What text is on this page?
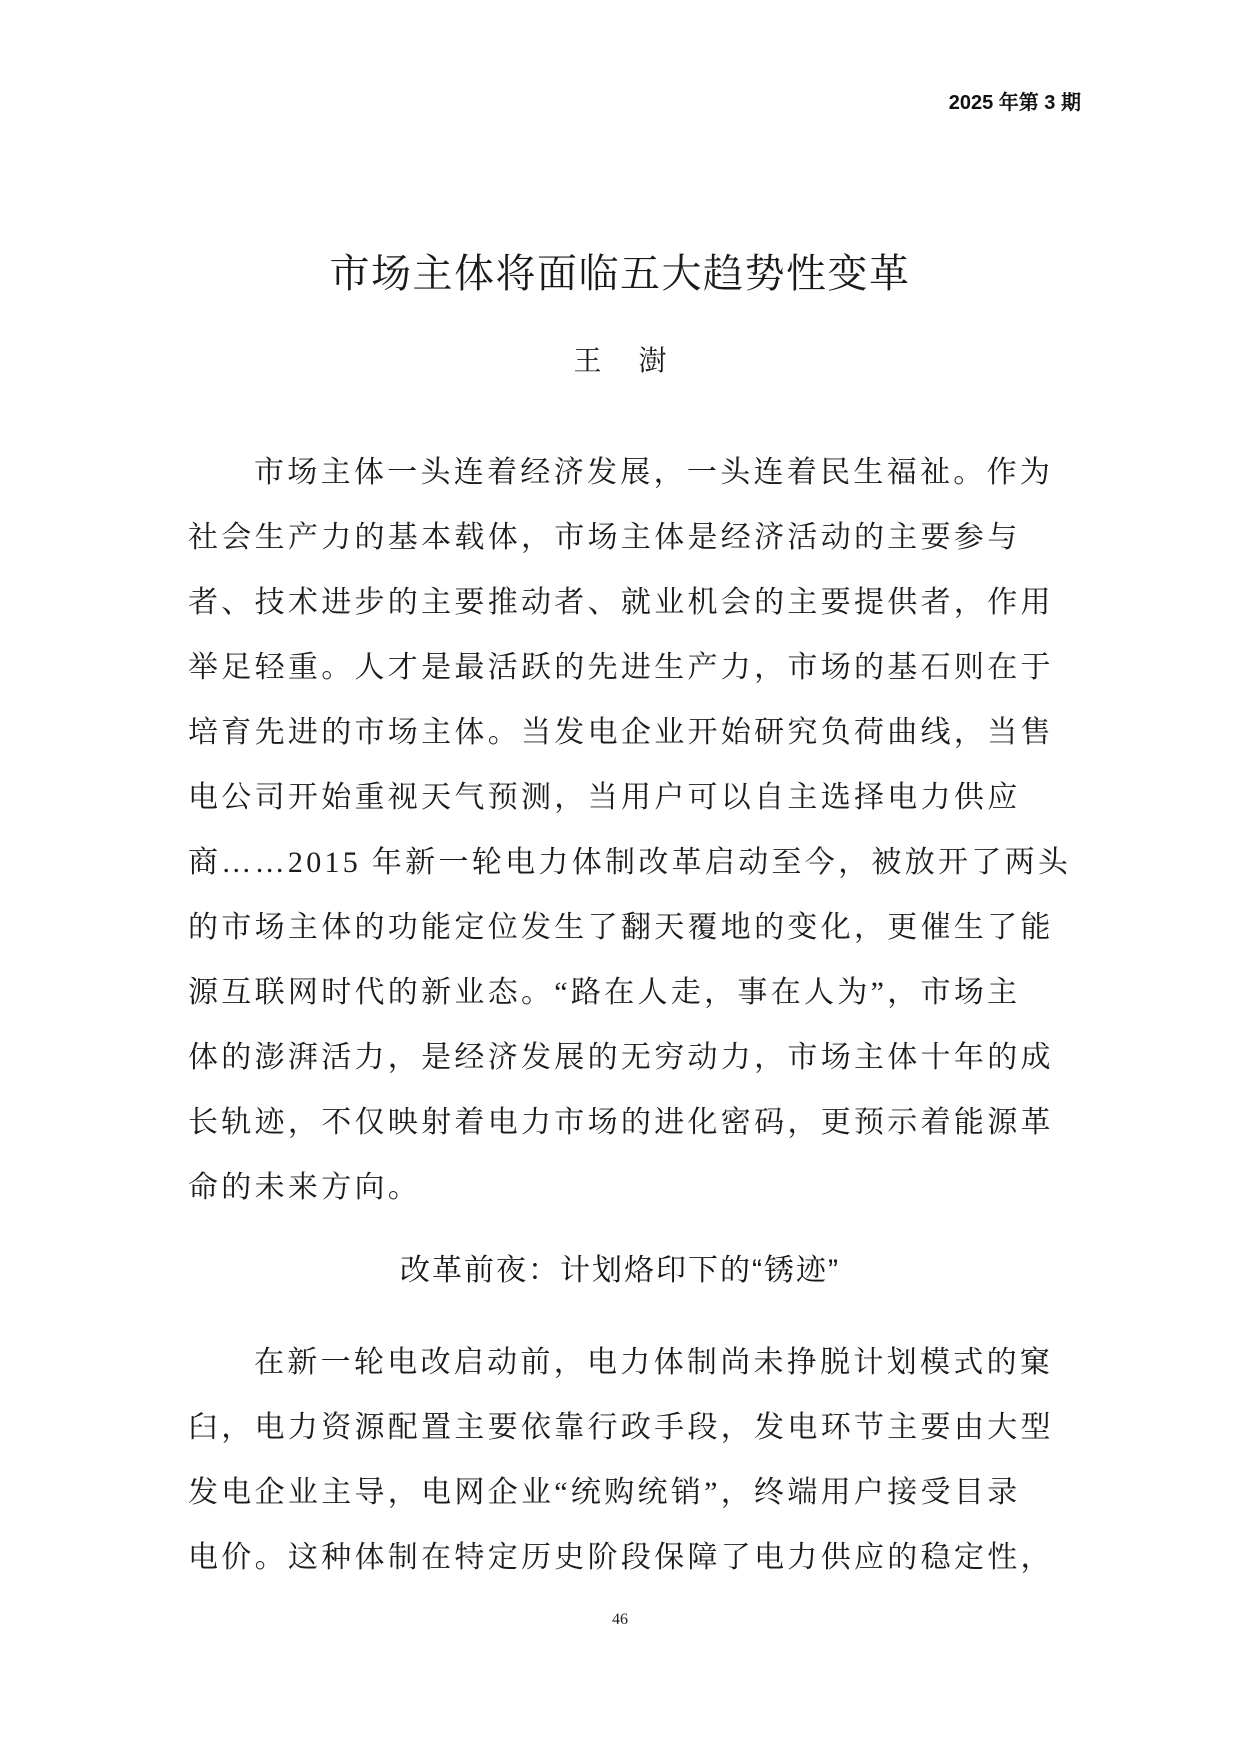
2025 年第 3 期
市场主体将面临五大趋势性变革
王 澍
市场主体一头连着经济发展，一头连着民生福祉。作为
社会生产力的基本载体，市场主体是经济活动的主要参与
者、技术进步的主要推动者、就业机会的主要提供者，作用
举足轻重。人才是最活跃的先进生产力，市场的基石则在于
培育先进的市场主体。当发电企业开始研究负荷曲线，当售
电公司开始重视天气预测，当用户可以自主选择电力供应
商……2015 年新一轮电力体制改革启动至今，被放开了两头
的市场主体的功能定位发生了翻天覆地的变化，更催生了能
源互联网时代的新业态。“路在人走，事在人为”，市场主
体的澎湃活力，是经济发展的无穷动力，市场主体十年的成
长轨迹，不仅映射着电力市场的进化密码，更预示着能源革
命的未来方向。
改革前夜：计划烙印下的“锈迹”
在新一轮电改启动前，电力体制尚未挣脱计划模式的窠
臼，电力资源配置主要依靠行政手段，发电环节主要由大型
发电企业主导，电网企业“统购统销”，终端用户接受目录
电价。这种体制在特定历史阶段保障了电力供应的稳定性，
46
